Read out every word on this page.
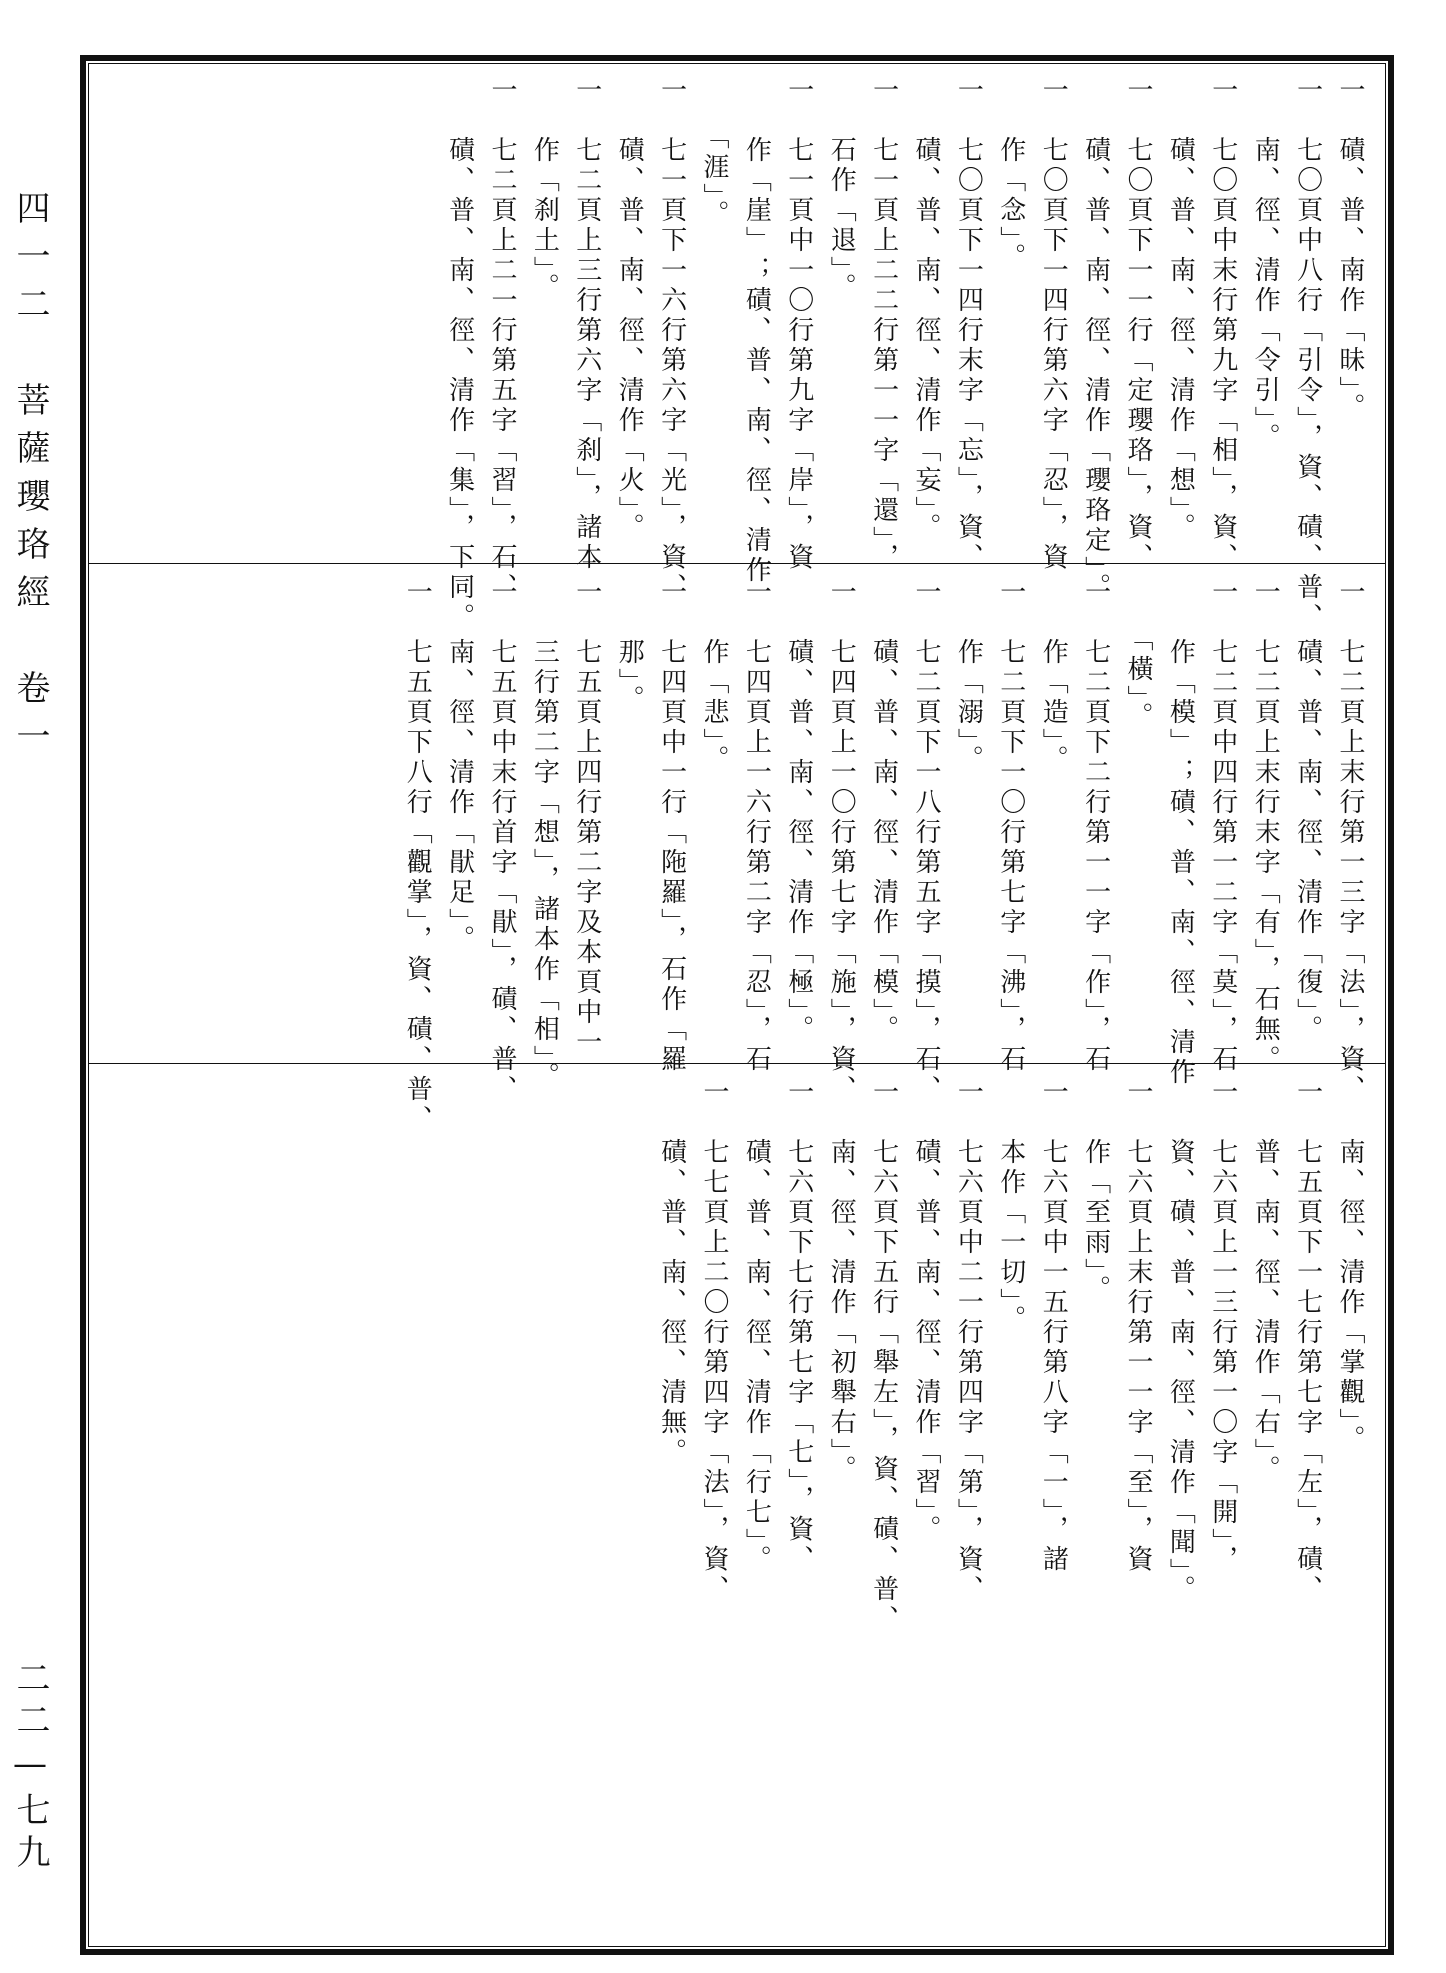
四一二　菩薩瓔珞經　卷一
二二—七九
一　磧、普、南作「昧」。
一　七〇頁中八行「引令」，資、磧、普、
　　南、徑、清作「令引」。
一　七〇頁中末行第九字「相」，資、
　　磧、普、南、徑、清作「想」。
一　七〇頁下一一行「定瓔珞」，資、
　　磧、普、南、徑、清作「瓔珞定」。
一　七〇頁下一四行第六字「忍」，資
　　作「念」。
一　七〇頁下一四行末字「忘」，資、
　　磧、普、南、徑、清作「妄」。
一　七一頁上二二行第一一字「還」，
　　石作「退」。
一　七一頁中一〇行第九字「岸」，資
　　作「崖」；磧、普、南、徑、清作
　　「涯」。
一　七一頁下一六行第六字「光」，資、
　　磧、普、南、徑、清作「火」。
一　七二頁上三行第六字「刹」，諸本
　　作「刹土」。
一　七二頁上二一行第五字「習」，石、
　　磧、普、南、徑、清作「集」，下同。
一　七二頁上末行第一三字「法」，資、
　　磧、普、南、徑、清作「復」。
一　七二頁上末行末字「有」，石無。
一　七二頁中四行第一二字「莫」，石
　　作「模」；磧、普、南、徑、清作
　　「橫」。
一　七二頁下二行第一一字「作」，石
　　作「造」。
一　七二頁下一〇行第七字「沸」，石
　　作「溺」。
一　七二頁下一八行第五字「摸」，石、
　　磧、普、南、徑、清作「模」。
一　七四頁上一〇行第七字「施」，資、
　　磧、普、南、徑、清作「極」。
一　七四頁上一六行第二字「忍」，石
　　作「悲」。
一　七四頁中一行「陁羅」，石作「羅
　　那」。
一　七五頁上四行第二字及本頁中一
　　三行第二字「想」，諸本作「相」。
一　七五頁中末行首字「猒」，磧、普、
　　南、徑、清作「猒足」。
一　七五頁下八行「觀掌」，資、磧、普、
　　南、徑、清作「掌觀」。
一　七五頁下一七行第七字「左」，磧、
　　普、南、徑、清作「右」。
一　七六頁上一三行第一〇字「開」，
　　資、磧、普、南、徑、清作「聞」。
一　七六頁上末行第一一字「至」，資
　　作「至雨」。
一　七六頁中一五行第八字「一」，諸
　　本作「一切」。
一　七六頁中二一行第四字「第」，資、
　　磧、普、南、徑、清作「習」。
一　七六頁下五行「舉左」，資、磧、普、
　　南、徑、清作「初舉右」。
一　七六頁下七行第七字「七」，資、
　　磧、普、南、徑、清作「行七」。
一　七七頁上二〇行第四字「法」，資、
　　磧、普、南、徑、清無。
